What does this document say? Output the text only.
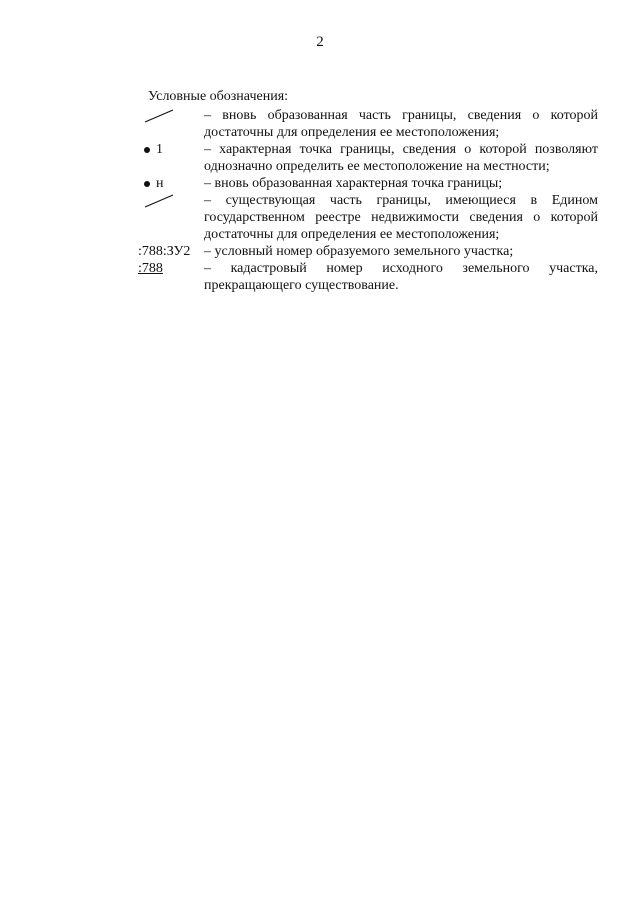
2
Условные обозначения:
– вновь образованная часть границы, сведения о которой
достаточны для определения ее местоположения;
1	– характерная точка границы, сведения о которой позволяют
однозначно определить ее местоположение на местности;
н	– вновь образованная характерная точка границы;
– существующая часть границы, имеющиеся в Едином
государственном реестре недвижимости сведения о которой
достаточны для определения ее местоположения;
:788:ЗУ2 – условный номер образуемого земельного участка;
:788	– кадастровый номер исходного земельного участка,
прекращающего существование.
